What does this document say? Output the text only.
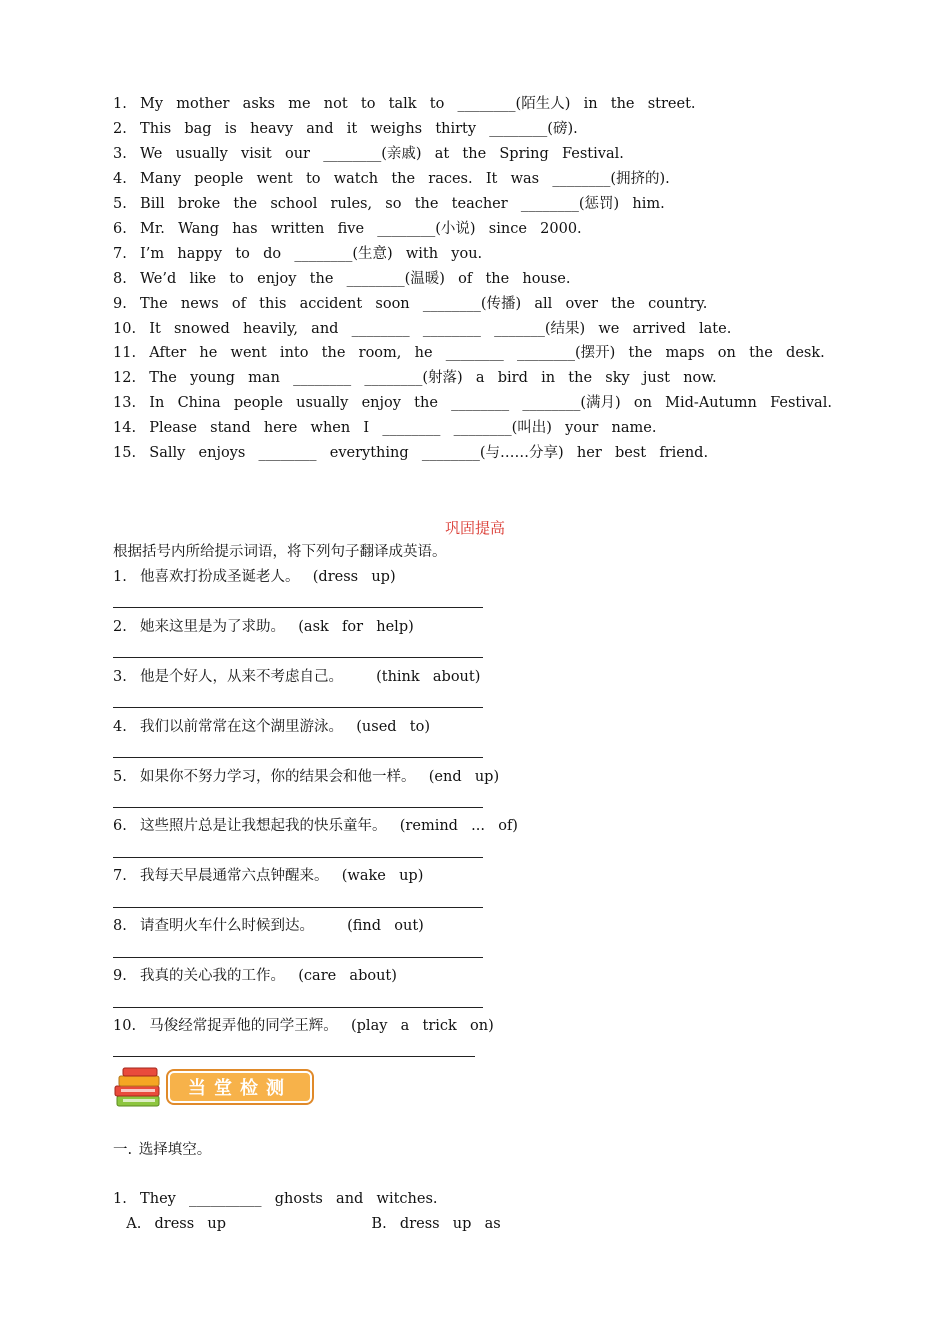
1.  My  mother  asks  me  not  to  talk  to  ________(陌生人)  in  the  street.
2.  This  bag  is  heavy  and  it  weighs  thirty  ________(磅).
3.  We  usually  visit  our  ________(亲戚)  at  the  Spring  Festival.
4.  Many  people  went  to  watch  the  races.  It  was  ________(拥挤的).
5.  Bill  broke  the  school  rules,  so  the  teacher  ________(惩罚)  him.
6.  Mr.  Wang  has  written  five  ________(小说)  since  2000.
7.  I’m  happy  to  do  ________(生意)  with  you.
8.  We’d  like  to  enjoy  the  ________(温暖)  of  the  house.
9.  The  news  of  this  accident  soon  ________(传播)  all  over  the  country.
10.  It  snowed  heavily,  and  ________  ________  _______(结果)  we  arrived  late.
11.  After  he  went  into  the  room,  he  ________  ________(摆开)  the  maps  on  the  desk.
12.  The  young  man  ________  ________(射落)  a  bird  in  the  sky  just  now.
13.  In  China  people  usually  enjoy  the  ________  ________(满月)  on  Mid-Autumn  Festival.
14.  Please  stand  here  when  I  ________  ________(叫出)  your  name.
15.  Sally  enjoys  ________  everything  ________(与……分享)  her  best  friend.
巩固提高
根据括号内所给提示词语，将下列句子翻译成英语。
1.  他喜欢打扮成圣诞老人。  (dress  up)
2.  她来这里是为了求助。  (ask  for  help)
3.  他是个好人，从来不考虑自己。     (think  about)
4.  我们以前常常在这个湖里游泳。  (used  to)
5.  如果你不努力学习，你的结果会和他一样。  (end  up)
6.  这些照片总是让我想起我的快乐童年。  (remind  ...  of)
7.  我每天早晨通常六点钟醒来。  (wake  up)
8.  请查明火车什么时候到达。     (find  out)
9.  我真的关心我的工作。  (care  about)
10.  马俊经常捉弄他的同学王辉。  (play  a  trick  on)
当堂检测
一. 选择填空。
1.  They  __________  ghosts  and  witches.
A.  dress  up                      B.  dress  up  as
